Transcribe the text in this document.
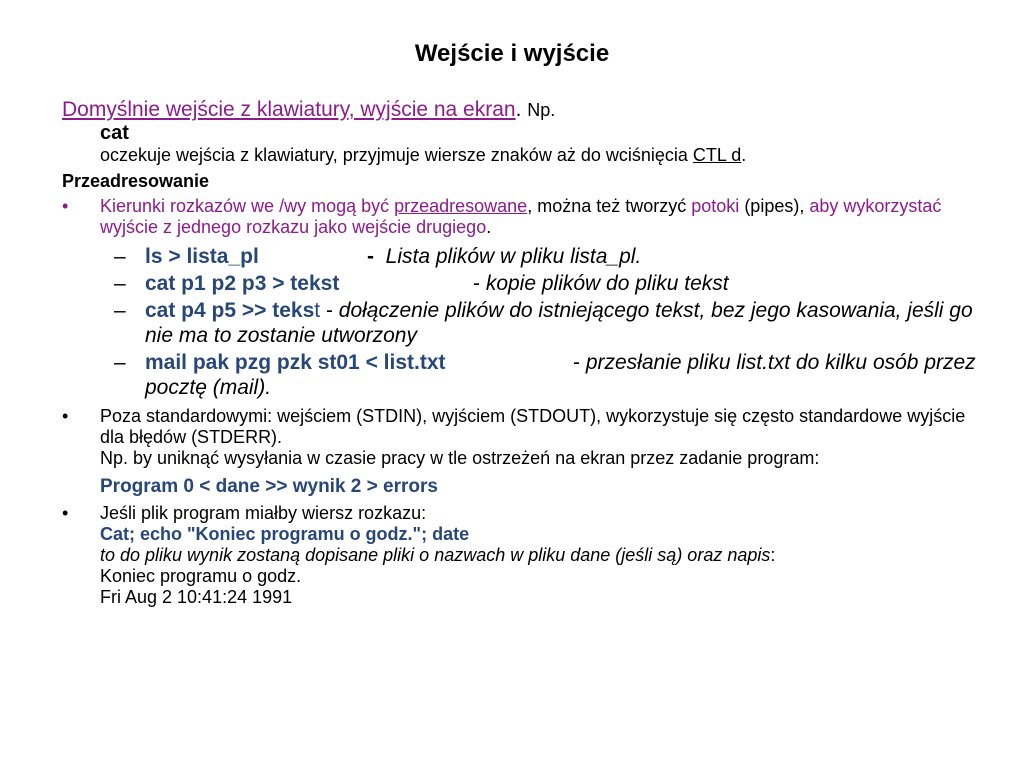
Wejście i wyjście
Domyślnie wejście z klawiatury, wyjście na ekran. Np.
cat
oczekuje wejścia z klawiatury, przyjmuje wiersze znaków aż do wciśnięcia CTL d.
Przeadresowanie
• Kierunki rozkazów we /wy mogą być przeadresowane, można też tworzyć potoki (pipes), aby wykorzystać wyjście z jednego rozkazu jako wejście drugiego.
– ls > lista_pl	- Lista plików w pliku lista_pl.
– cat p1 p2 p3 > tekst	- kopie plików do pliku tekst
– cat p4 p5 >> tekst - dołączenie plików do istniejącego tekst, bez jego kasowania, jeśli go nie ma to zostanie utworzony
– mail pak pzg pzk st01 < list.txt	- przesłanie pliku list.txt do kilku osób przez pocztę (mail).
• Poza standardowymi: wejściem (STDIN), wyjściem (STDOUT), wykorzystuje się często standardowe wyjście dla błędów (STDERR).
Np. by uniknąć wysyłania w czasie pracy w tle ostrzeżeń na ekran przez zadanie program:
Program 0 < dane >> wynik 2 > errors
• Jeśli plik program miałby wiersz rozkazu:
Cat; echo "Koniec programu o godz."; date
to do pliku wynik zostaną dopisane pliki o nazwach w pliku dane (jeśli są) oraz napis:
Koniec programu o godz.
Fri Aug 2 10:41:24 1991
